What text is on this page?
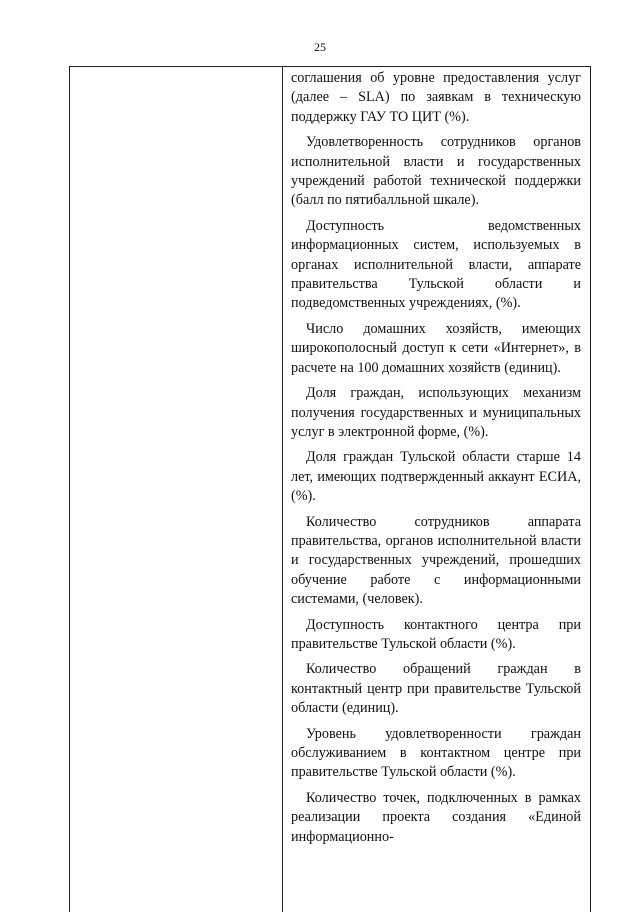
25

соглашения об уровне предоставления услуг (далее – SLA) по заявкам в техническую поддержку ГАУ ТО ЦИТ (%).

Удовлетворенность сотрудников органов исполнительной власти и государственных учреждений работой технической поддержки (балл по пятибалльной шкале).

Доступность ведомственных информационных систем, используемых в органах исполнительной власти, аппарате правительства Тульской области и подведомственных учреждениях, (%).

Число домашних хозяйств, имеющих широкополосный доступ к сети «Интернет», в расчете на 100 домашних хозяйств (единиц).

Доля граждан, использующих механизм получения государственных и муниципальных услуг в электронной форме, (%).

Доля граждан Тульской области старше 14 лет, имеющих подтвержденный аккаунт ЕСИА, (%).

Количество сотрудников аппарата правительства, органов исполнительной власти и государственных учреждений, прошедших обучение работе с информационными системами, (человек).

Доступность контактного центра при правительстве Тульской области (%).

Количество обращений граждан в контактный центр при правительстве Тульской области (единиц).

Уровень удовлетворенности граждан обслуживанием в контактном центре при правительстве Тульской области (%).

Количество точек, подключенных в рамках реализации проекта создания «Единой информационно-
